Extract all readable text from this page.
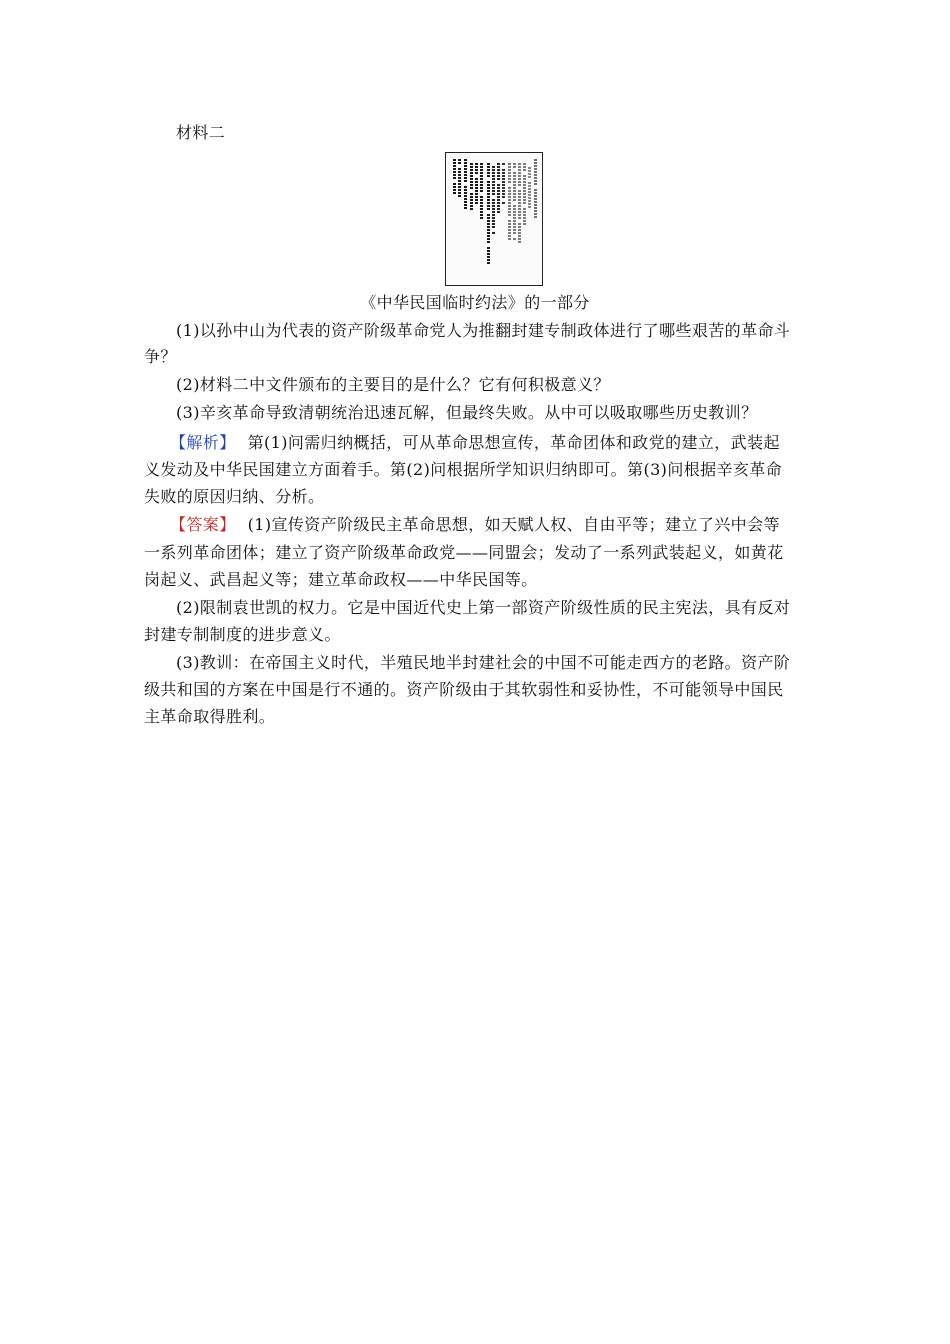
材料二
《中华民国临时约法》的一部分
(1)以孙中山为代表的资产阶级革命党人为推翻封建专制政体进行了哪些艰苦的革命斗
争？
(2)材料二中文件颁布的主要目的是什么？它有何积极意义？
(3)辛亥革命导致清朝统治迅速瓦解，但最终失败。从中可以吸取哪些历史教训？
【解析】 第(1)问需归纳概括，可从革命思想宣传，革命团体和政党的建立，武装起
义发动及中华民国建立方面着手。第(2)问根据所学知识归纳即可。第(3)问根据辛亥革命
失败的原因归纳、分析。
【答案】 (1)宣传资产阶级民主革命思想，如天赋人权、自由平等；建立了兴中会等
一系列革命团体；建立了资产阶级革命政党——同盟会；发动了一系列武装起义，如黄花
岗起义、武昌起义等；建立革命政权——中华民国等。
(2)限制袁世凯的权力。它是中国近代史上第一部资产阶级性质的民主宪法，具有反对
封建专制制度的进步意义。
(3)教训：在帝国主义时代，半殖民地半封建社会的中国不可能走西方的老路。资产阶
级共和国的方案在中国是行不通的。资产阶级由于其软弱性和妥协性，不可能领导中国民
主革命取得胜利。
